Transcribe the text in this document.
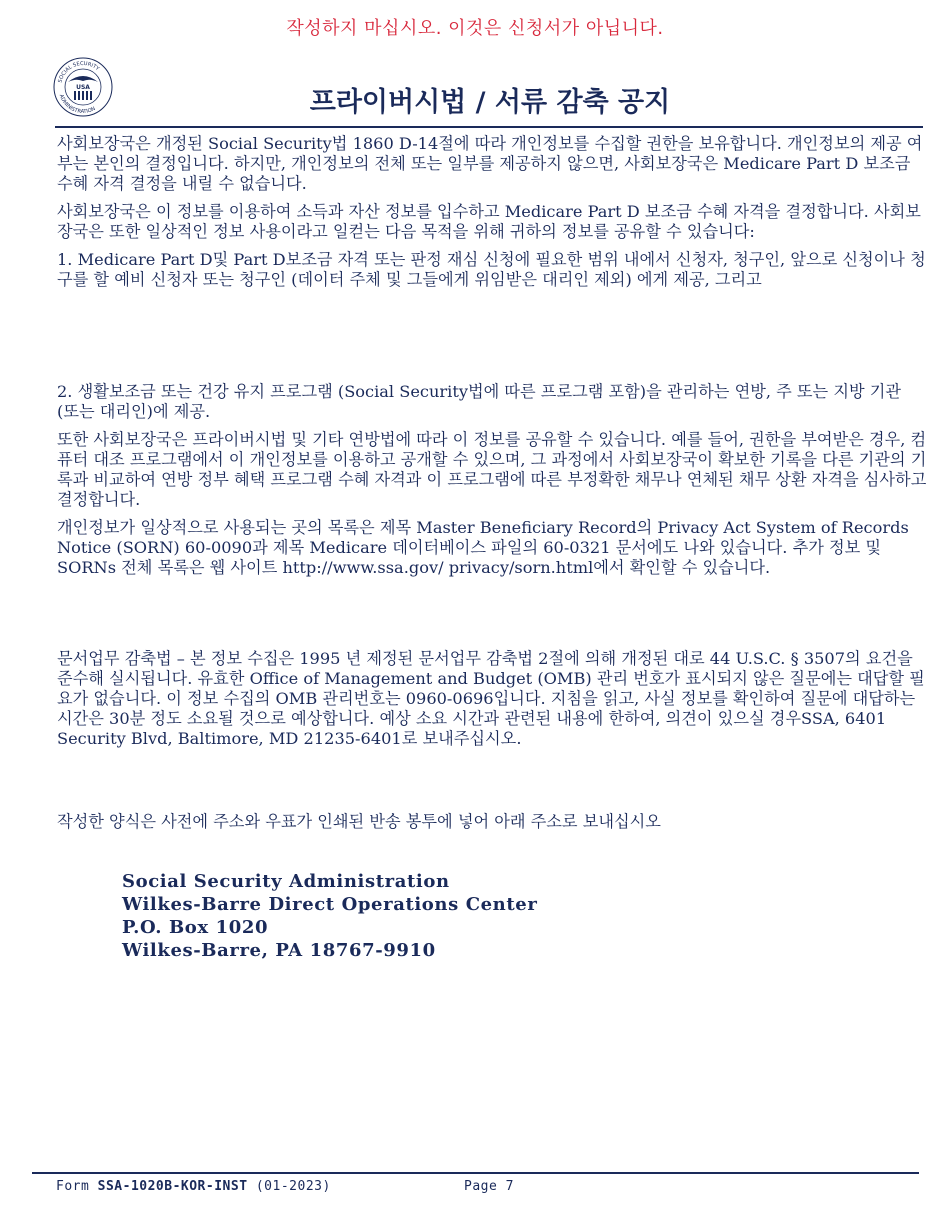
작성하지 마십시오. 이것은 신청서가 아닙니다.
SOCIAL SECURITY
ADMINISTRATION
USA	프라이버시법 / 서류 감축 공지

사회보장국은 개정된 Social Security법 1860 D-14절에 따라 개인정보를 수집할 권한을 보유합니다. 개인정보의 제공 여부는 본인의 결정입니다. 하지만, 개인정보의 전체 또는 일부를 제공하지 않으면, 사회보장국은 Medicare Part D 보조금 수혜 자격 결정을 내릴 수 없습니다.

사회보장국은 이 정보를 이용하여 소득과 자산 정보를 입수하고 Medicare Part D 보조금 수혜 자격을 결정합니다. 사회보장국은 또한 일상적인 정보 사용이라고 일컫는 다음 목적을 위해 귀하의 정보를 공유할 수 있습니다:

1. Medicare Part D및 Part D보조금 자격 또는 판정 재심 신청에 필요한 범위 내에서 신청자, 청구인, 앞으로 신청이나 청구를 할 예비 신청자 또는 청구인 (데이터 주체 및 그들에게 위임받은 대리인 제외) 에게 제공, 그리고

2. 생활보조금 또는 건강 유지 프로그램 (Social Security법에 따른 프로그램 포함)을 관리하는 연방, 주 또는 지방 기관 (또는 대리인)에 제공.

또한 사회보장국은 프라이버시법 및 기타 연방법에 따라 이 정보를 공유할 수 있습니다. 예를 들어, 권한을 부여받은 경우, 컴퓨터 대조 프로그램에서 이 개인정보를 이용하고 공개할 수 있으며, 그 과정에서 사회보장국이 확보한 기록을 다른 기관의 기록과 비교하여 연방 정부 혜택 프로그램 수혜 자격과 이 프로그램에 따른 부정확한 채무나 연체된 채무 상환 자격을 심사하고 결정합니다.

개인정보가 일상적으로 사용되는 곳의 목록은 제목 Master Beneficiary Record의 Privacy Act System of Records Notice (SORN) 60-0090과 제목 Medicare 데이터베이스 파일의 60-0321 문서에도 나와 있습니다. 추가 정보 및 SORNs 전체 목록은 웹 사이트 http://www.ssa.gov/ privacy/sorn.html에서 확인할 수 있습니다.

문서업무 감축법 – 본 정보 수집은 1995 년 제정된 문서업무 감축법 2절에 의해 개정된 대로 44 U.S.C. § 3507의 요건을 준수해 실시됩니다. 유효한 Office of Management and Budget (OMB) 관리 번호가 표시되지 않은 질문에는 대답할 필요가 없습니다. 이 정보 수집의 OMB 관리번호는 0960-0696입니다. 지침을 읽고, 사실 정보를 확인하여 질문에 대답하는 시간은 30분 정도 소요될 것으로 예상합니다. 예상 소요 시간과 관련된 내용에 한하여, 의견이 있으실 경우SSA, 6401 Security Blvd, Baltimore, MD 21235-6401로 보내주십시오.

작성한 양식은 사전에 주소와 우표가 인쇄된 반송 봉투에 넣어 아래 주소로 보내십시오

Social Security Administration
Wilkes-Barre Direct Operations Center
P.O. Box 1020
Wilkes-Barre, PA 18767-9910
Form SSA-1020B-KOR-INST (01-2023)	Page 7
